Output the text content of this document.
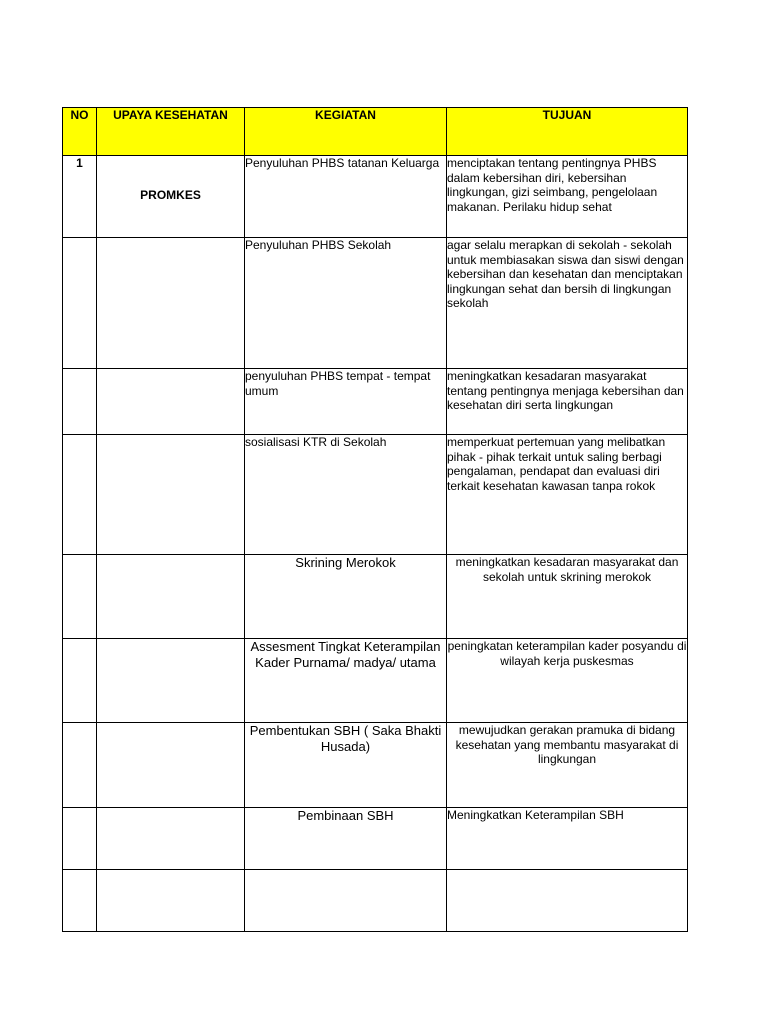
NO	UPAYA KESEHATAN	KEGIATAN	TUJUAN
1	PROMKES	Penyuluhan PHBS tatanan Keluarga	menciptakan tentang pentingnya PHBS dalam kebersihan diri, kebersihan lingkungan, gizi seimbang, pengelolaan makanan. Perilaku hidup sehat
		Penyuluhan PHBS Sekolah	agar selalu merapkan di sekolah - sekolah untuk membiasakan siswa dan siswi dengan kebersihan dan kesehatan dan menciptakan lingkungan sehat dan bersih di lingkungan sekolah
		penyuluhan PHBS tempat - tempat umum	meningkatkan kesadaran masyarakat tentang pentingnya menjaga kebersihan dan kesehatan diri serta lingkungan
		sosialisasi KTR di Sekolah	memperkuat pertemuan yang melibatkan pihak - pihak terkait untuk saling berbagi pengalaman, pendapat dan evaluasi diri terkait kesehatan kawasan tanpa rokok
		Skrining Merokok	meningkatkan kesadaran masyarakat dan sekolah untuk skrining merokok
		Assesment Tingkat Keterampilan Kader Purnama/ madya/ utama	peningkatan keterampilan kader posyandu di wilayah kerja puskesmas
		Pembentukan SBH ( Saka Bhakti Husada)	mewujudkan gerakan pramuka di bidang kesehatan yang membantu masyarakat di lingkungan
		Pembinaan SBH	Meningkatkan Keterampilan SBH
